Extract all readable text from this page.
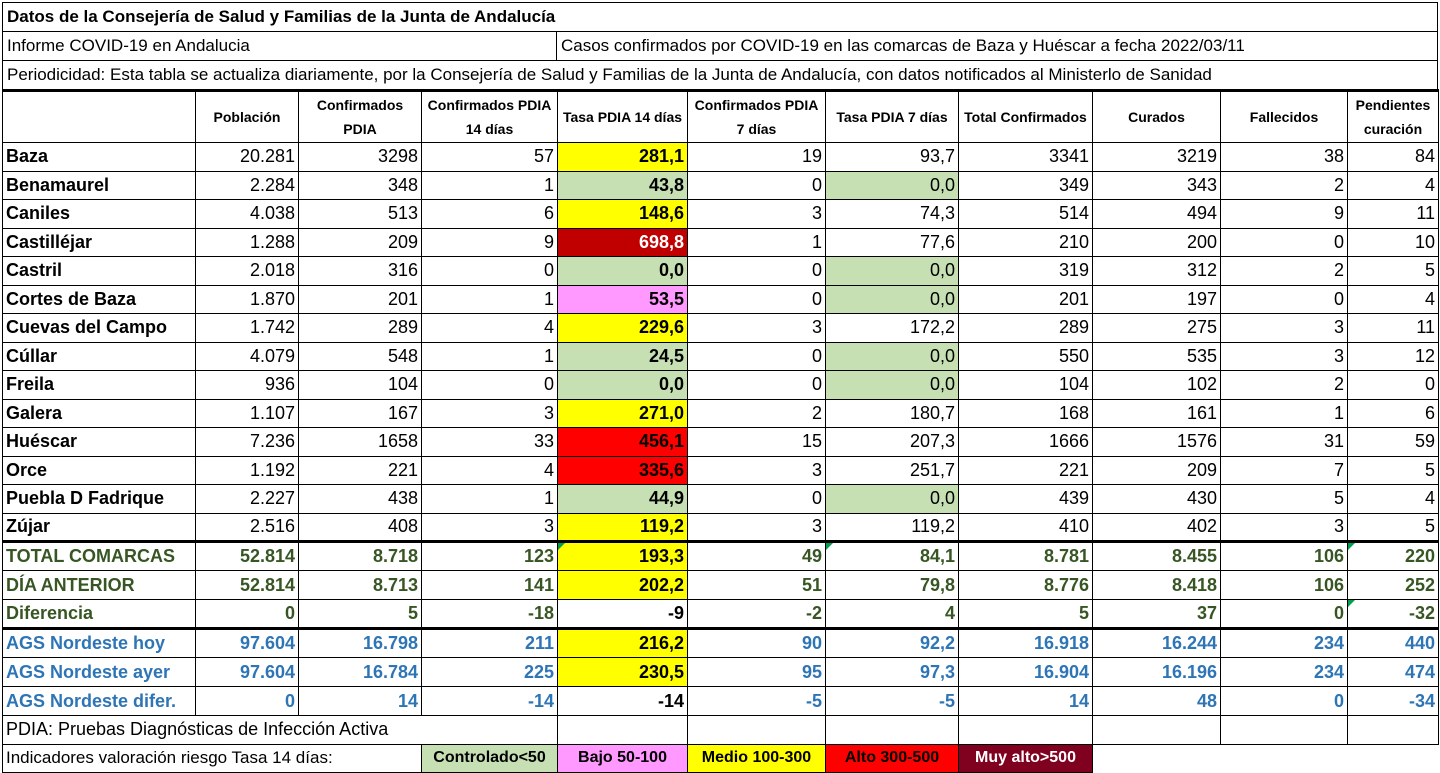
Datos de la Consejería de Salud y Familias de la Junta de Andalucía
Informe COVID-19 en Andalucia	Casos confirmados por COVID-19 en las comarcas de Baza y Huéscar a fecha 2022/03/11
Periodicidad: Esta tabla se actualiza diariamente, por la Consejería de Salud y Familias de la Junta de Andalucía, con datos notificados al Ministerlo de Sanidad
	Población	Confirmados PDIA	Confirmados PDIA 14 días	Tasa PDIA 14 días	Confirmados PDIA 7 días	Tasa PDIA 7 días	Total Confirmados	Curados	Fallecidos	Pendientes curación
Baza	20.281	3298	57	281,1	19	93,7	3341	3219	38	84
Benamaurel	2.284	348	1	43,8	0	0,0	349	343	2	4
Caniles	4.038	513	6	148,6	3	74,3	514	494	9	11
Castilléjar	1.288	209	9	698,8	1	77,6	210	200	0	10
Castril	2.018	316	0	0,0	0	0,0	319	312	2	5
Cortes de Baza	1.870	201	1	53,5	0	0,0	201	197	0	4
Cuevas del Campo	1.742	289	4	229,6	3	172,2	289	275	3	11
Cúllar	4.079	548	1	24,5	0	0,0	550	535	3	12
Freila	936	104	0	0,0	0	0,0	104	102	2	0
Galera	1.107	167	3	271,0	2	180,7	168	161	1	6
Huéscar	7.236	1658	33	456,1	15	207,3	1666	1576	31	59
Orce	1.192	221	4	335,6	3	251,7	221	209	7	5
Puebla D Fadrique	2.227	438	1	44,9	0	0,0	439	430	5	4
Zújar	2.516	408	3	119,2	3	119,2	410	402	3	5
TOTAL COMARCAS	52.814	8.718	123	193,3	49	84,1	8.781	8.455	106	220
DÍA ANTERIOR	52.814	8.713	141	202,2	51	79,8	8.776	8.418	106	252
Diferencia	0	5	-18	-9	-2	4	5	37	0	-32
AGS Nordeste hoy	97.604	16.798	211	216,2	90	92,2	16.918	16.244	234	440
AGS Nordeste ayer	97.604	16.784	225	230,5	95	97,3	16.904	16.196	234	474
AGS Nordeste difer.	0	14	-14	-14	-5	-5	14	48	0	-34
PDIA: Pruebas Diagnósticas de Infección Activa										
Indicadores valoración riesgo Tasa 14 días:			Controlado<50	Bajo 50-100	Medio 100-300	Alto 300-500	Muy alto>500			
